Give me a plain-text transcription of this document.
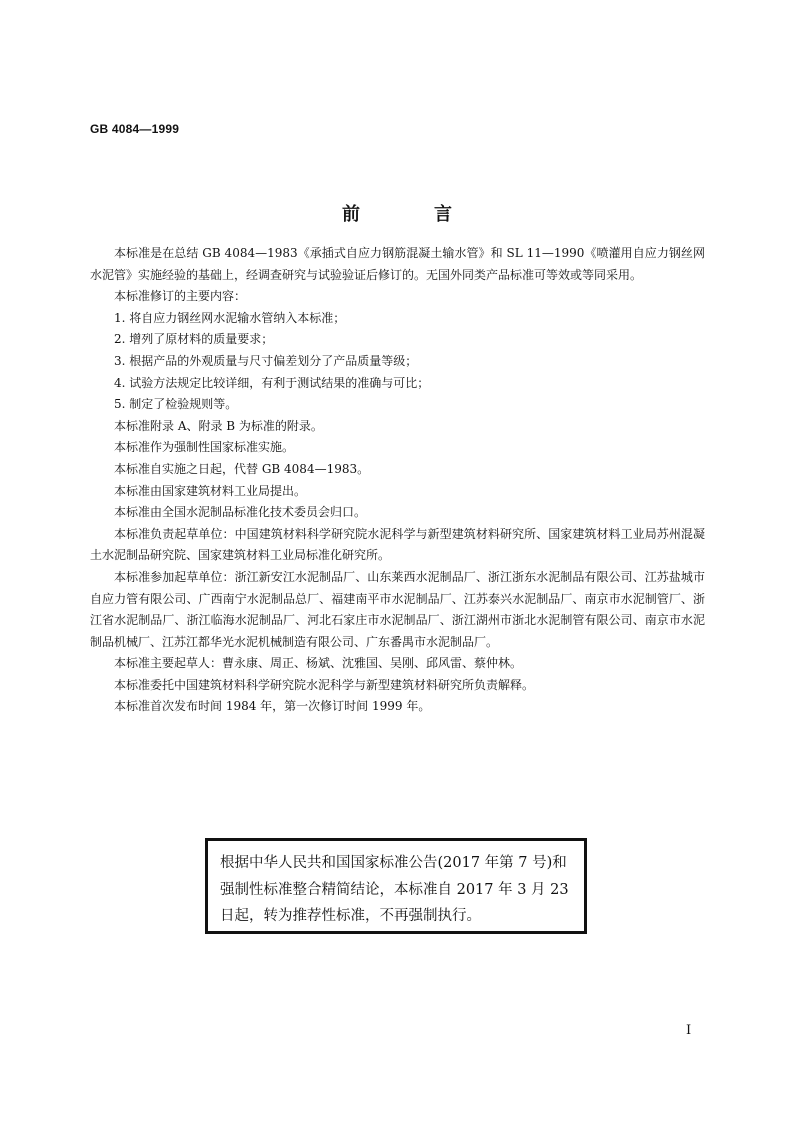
GB 4084—1999
前　言

本标准是在总结 GB 4084—1983《承插式自应力钢筋混凝土输水管》和 SL 11—1990《喷灌用自应力钢丝网水泥管》实施经验的基础上，经调查研究与试验验证后修订的。无国外同类产品标准可等效或等同采用。

本标准修订的主要内容：

1. 将自应力钢丝网水泥输水管纳入本标准；

2. 增列了原材料的质量要求；

3. 根据产品的外观质量与尺寸偏差划分了产品质量等级；

4. 试验方法规定比较详细，有利于测试结果的准确与可比；

5. 制定了检验规则等。

本标准附录 A、附录 B 为标准的附录。

本标准作为强制性国家标准实施。

本标准自实施之日起，代替 GB 4084—1983。

本标准由国家建筑材料工业局提出。

本标准由全国水泥制品标准化技术委员会归口。

本标准负责起草单位：中国建筑材料科学研究院水泥科学与新型建筑材料研究所、国家建筑材料工业局苏州混凝土水泥制品研究院、国家建筑材料工业局标准化研究所。

本标准参加起草单位：浙江新安江水泥制品厂、山东莱西水泥制品厂、浙江浙东水泥制品有限公司、江苏盐城市自应力管有限公司、广西南宁水泥制品总厂、福建南平市水泥制品厂、江苏泰兴水泥制品厂、南京市水泥制管厂、浙江省水泥制品厂、浙江临海水泥制品厂、河北石家庄市水泥制品厂、浙江湖州市浙北水泥制管有限公司、南京市水泥制品机械厂、江苏江都华光水泥机械制造有限公司、广东番禺市水泥制品厂。

本标准主要起草人：曹永康、周正、杨斌、沈雅国、吴刚、邱风雷、蔡仲林。

本标准委托中国建筑材料科学研究院水泥科学与新型建筑材料研究所负责解释。

本标准首次发布时间 1984 年，第一次修订时间 1999 年。

根据中华人民共和国国家标准公告(2017 年第 7 号)和强制性标准整合精简结论，本标准自 2017 年 3 月 23 日起，转为推荐性标准，不再强制执行。
I
